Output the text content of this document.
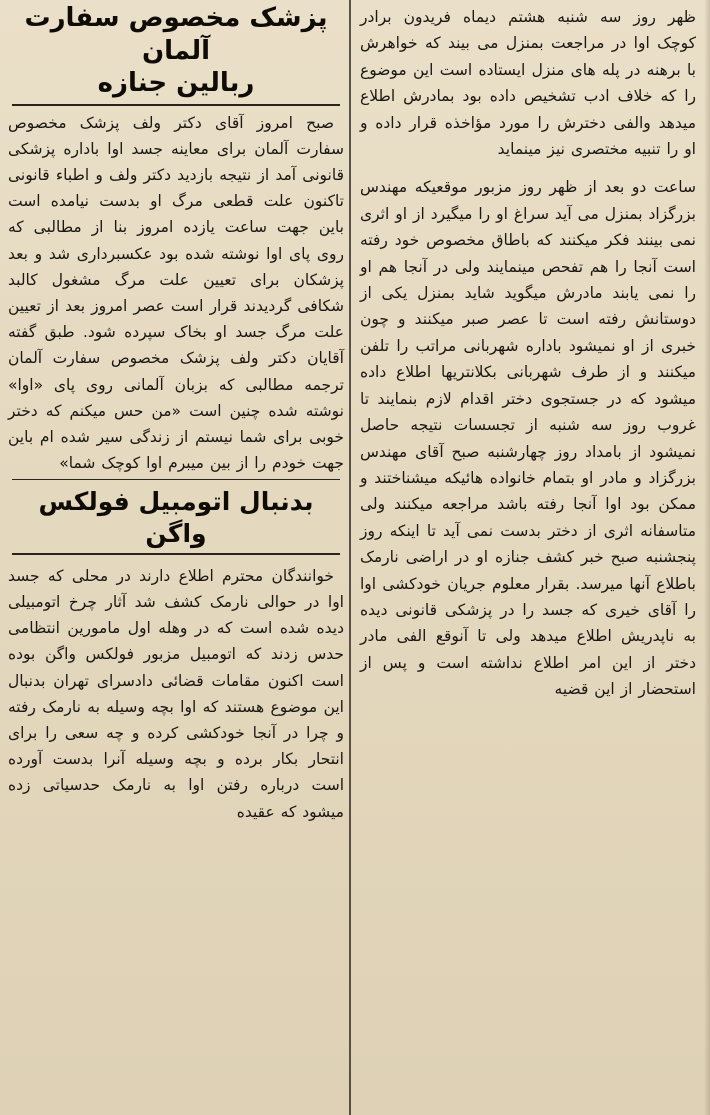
پزشک مخصوص سفارت آلمان
ربالین جنازه

صبح امروز آقای دکتر ولف پزشک مخصوص سفارت آلمان برای معاینه جسد اوا باداره پزشکی قانونی آمد از نتیجه بازدید دکتر ولف و اطباء قانونی تاکنون علت قطعی مرگ او بدست نیامده است باین جهت ساعت یازده امروز بنا از مطالبی که روی پای اوا نوشته شده بود عکسبرداری شد و بعد پزشکان برای تعیین علت مرگ مشغول کالبد شکافی گردیدند قرار است عصر امروز بعد از تعیین علت مرگ جسد او بخاک سپرده شود. طبق گفته آقایان دکتر ولف پزشک مخصوص سفارت آلمان ترجمه مطالبی که بزبان آلمانی روی پای «اوا» نوشته شده چنین است «من حس میکنم که دختر خوبی برای شما نیستم از زندگی سیر شده ام باین جهت خودم را از بین میبرم اوا کوچک شما»

بدنبال اتومبیل فولکس واگن

خوانندگان محترم اطلاع دارند در محلی که جسد اوا در حوالی نارمک کشف شد آثار چرخ اتومبیلی دیده شده است که در وهله اول مامورین انتظامی حدس زدند که اتومبیل مزبور فولکس واگن بوده است اکنون مقامات قضائی دادسرای تهران بدنبال این موضوع هستند که اوا بچه وسیله به نارمک رفته و چرا در آنجا خودکشی کرده و چه سعی را برای انتحار بکار برده و بچه وسیله آنرا بدست آورده است درباره رفتن اوا به نارمک حدسیاتی زده میشود که عقیده

ظهر روز سه شنبه هشتم دیماه فریدون برادر کوچک اوا در مراجعت بمنزل می بیند که خواهرش با برهنه در پله های منزل ایستاده است این موضوع را که خلاف ادب تشخیص داده بود بمادرش اطلاع میدهد والفی دخترش را مورد مؤاخذه قرار داده و او را تنبیه مختصری نیز مینماید

ساعت دو بعد از ظهر روز مزبور موقعیکه مهندس بزرگزاد بمنزل می آید سراغ او را میگیرد از او اثری نمی بینند فکر میکنند که باطاق مخصوص خود رفته است آنجا را هم تفحص مینمایند ولی در آنجا هم او را نمی یابند مادرش میگوید شاید بمنزل یکی از دوستانش رفته است تا عصر صبر میکنند و چون خبری از او نمیشود باداره شهربانی مراتب را تلفن میکنند و از طرف شهربانی بکلانتریها اطلاع داده میشود که در جستجوی دختر اقدام لازم بنمایند تا غروب روز سه شنبه از تجسسات نتیجه حاصل نمیشود از بامداد روز چهارشنبه صبح آقای مهندس بزرگزاد و مادر او بتمام خانواده هائیکه میشناختند و ممکن بود اوا آنجا رفته باشد مراجعه میکنند ولی متاسفانه اثری از دختر بدست نمی آید تا اینکه روز پنجشنبه صبح خبر کشف جنازه او در اراضی نارمک باطلاع آنها میرسد. بقرار معلوم جریان خودکشی اوا را آقای خیری که جسد را در پزشکی قانونی دیده به ناپدریش اطلاع میدهد ولی تا آنوقع الفی مادر دختر از این امر اطلاع نداشته است و پس از استحضار از این قضیه
